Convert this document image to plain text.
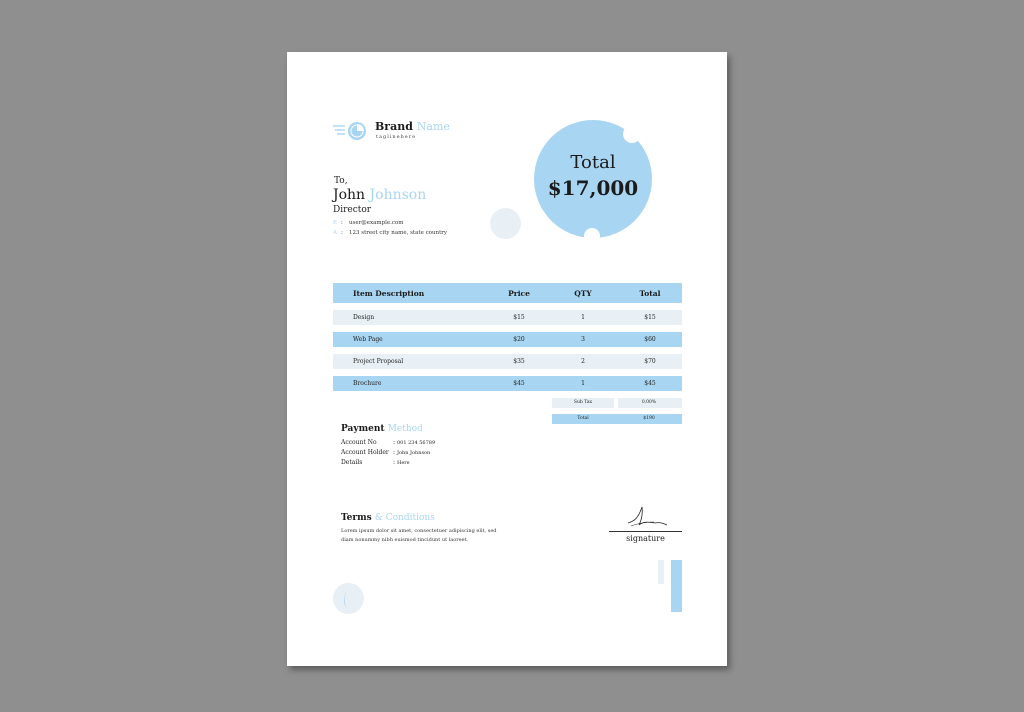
Brand Name
taglinehere
Total
$17,000
To,
John Johnson
Director
E : user@example.com
A : 123 street city name, state country
Item Description	Price	QTY	Total
Design	$15	1	$15
Web Page	$20	3	$60
Project Proposal	$35	2	$70
Brochure	$45	1	$45
Sub Tax	0.00%
Total	$190
Payment Method
Account No	: 001 234 56789
Account Holder : John Johnson
Details	: Here
Terms & Conditions
Lorem ipsum dolor sit amet, consectetuer adipiscing elit, sed diam nonummy nibh euismod tincidunt ut laoreet.	signature
